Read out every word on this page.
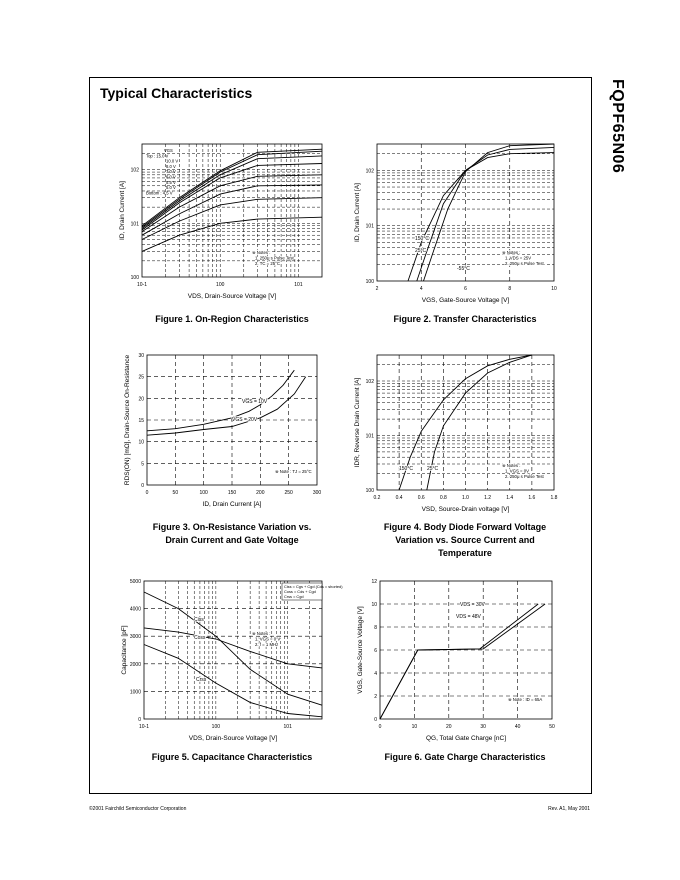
Typical Characteristics	FQPF65N06
10-1	100	101
100
101
102
VDS, Drain-Source Voltage [V]
ID, Drain Current [A]
VGS
Top : 15.0 V
10.0 V
8.0 V
7.0 V
6.0 V
5.5 V
5.0 V
Bottom : 4.5 V
※ Notes :
1. 250μ s Pulse Test
2. TC = 25°C
2	4	6	8	10
100
101
102
VGS, Gate-Source Voltage [V]
ID, Drain Current [A]	150°C
25°C
-55°C
※ Notes :
1. VDS = 25V
2. 250μ s Pulse Test
0	50	100	150	200	250	300
0
5
10
15
20
25
30
ID, Drain Current [A]
RDS(ON) [mΩ], Drain-Source On-Resistance	VGS = 10V
VGS = 20V
※ Note : TJ = 25°C
0.2	0.4	0.6	0.8	1.0	1.2	1.4	1.6	1.8
100
101
102
VSD, Source-Drain voltage [V]
IDR, Reverse Drain Current [A]
150°C	25°C
※ Notes :
1. VGS = 0V
2. 250μ s Pulse Test
10-1	100	101
0
1000
2000
3000
4000
5000
VDS, Drain-Source Voltage [V]
Capacitance [pF]
Ciss = Cgs + Cgd (Cds = shorted)
Coss = Cds + Cgd
Crss = Cgd
Ciss
Coss
Crss
※ Notes :
1. VGS = 0 V
2. f = 1 MHz
0	10	20	30	40	50
0
2
4
6
8
10
12
QG, Total Gate Charge [nC]
VGS, Gate-Source Voltage [V]
VDS = 30V
VDS = 48V
※ Note : ID = 65A
Figure 1. On-Region Characteristics	Figure 2. Transfer Characteristics
Figure 3. On-Resistance Variation vs.
Drain Current and Gate Voltage
Figure 4. Body Diode Forward Voltage
Variation vs. Source Current and
Temperature
Figure 5. Capacitance Characteristics	Figure 6. Gate Charge Characteristics
©2001 Fairchild Semiconductor Corporation	Rev. A1, May 2001
